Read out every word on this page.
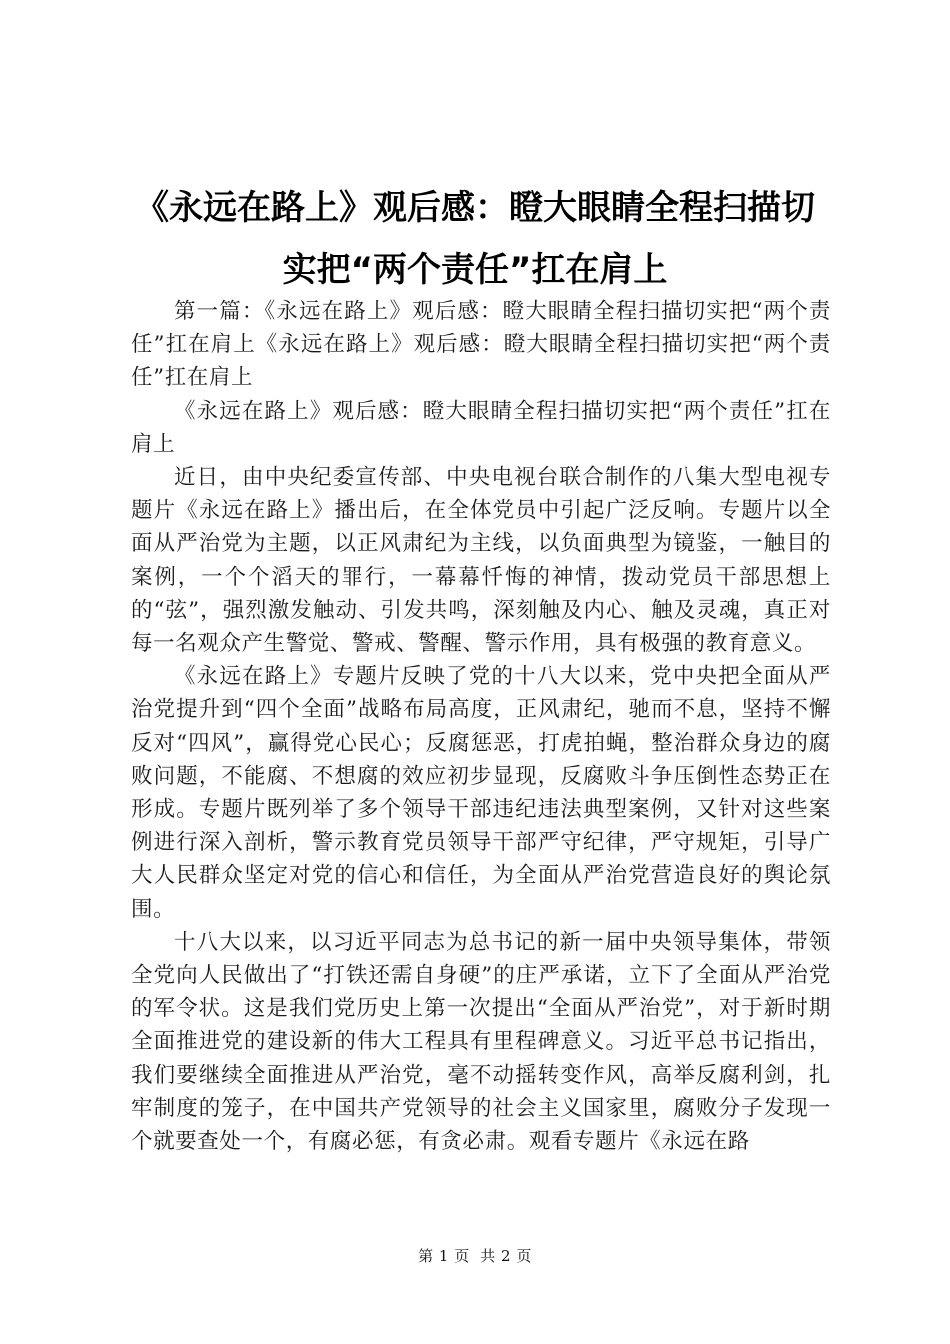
《永远在路上》观后感：瞪大眼睛全程扫描切实把“两个责任”扛在肩上

第一篇：《永远在路上》观后感：瞪大眼睛全程扫描切实把“两个责任”扛在肩上《永远在路上》观后感：瞪大眼睛全程扫描切实把“两个责任”扛在肩上

《永远在路上》观后感：瞪大眼睛全程扫描切实把“两个责任”扛在肩上

近日，由中央纪委宣传部、中央电视台联合制作的八集大型电视专题片《永远在路上》播出后，在全体党员中引起广泛反响。专题片以全面从严治党为主题，以正风肃纪为主线，以负面典型为镜鉴，一触目的案例，一个个滔天的罪行，一幕幕忏悔的神情，拨动党员干部思想上的“弦”，强烈激发触动、引发共鸣，深刻触及内心、触及灵魂，真正对每一名观众产生警觉、警戒、警醒、警示作用，具有极强的教育意义。

《永远在路上》专题片反映了党的十八大以来，党中央把全面从严治党提升到“四个全面”战略布局高度，正风肃纪，驰而不息，坚持不懈反对“四风”，赢得党心民心；反腐惩恶，打虎拍蝇，整治群众身边的腐败问题，不能腐、不想腐的效应初步显现，反腐败斗争压倒性态势正在形成。专题片既列举了多个领导干部违纪违法典型案例，又针对这些案例进行深入剖析，警示教育党员领导干部严守纪律，严守规矩，引导广大人民群众坚定对党的信心和信任，为全面从严治党营造良好的舆论氛围。

十八大以来，以习近平同志为总书记的新一届中央领导集体，带领全党向人民做出了“打铁还需自身硬”的庄严承诺，立下了全面从严治党的军令状。这是我们党历史上第一次提出“全面从严治党”，对于新时期全面推进党的建设新的伟大工程具有里程碑意义。习近平总书记指出，我们要继续全面推进从严治党，毫不动摇转变作风，高举反腐利剑，扎牢制度的笼子，在中国共产党领导的社会主义国家里，腐败分子发现一个就要查处一个，有腐必惩，有贪必肃。观看专题片《永远在路

第 1 页  共 2 页
